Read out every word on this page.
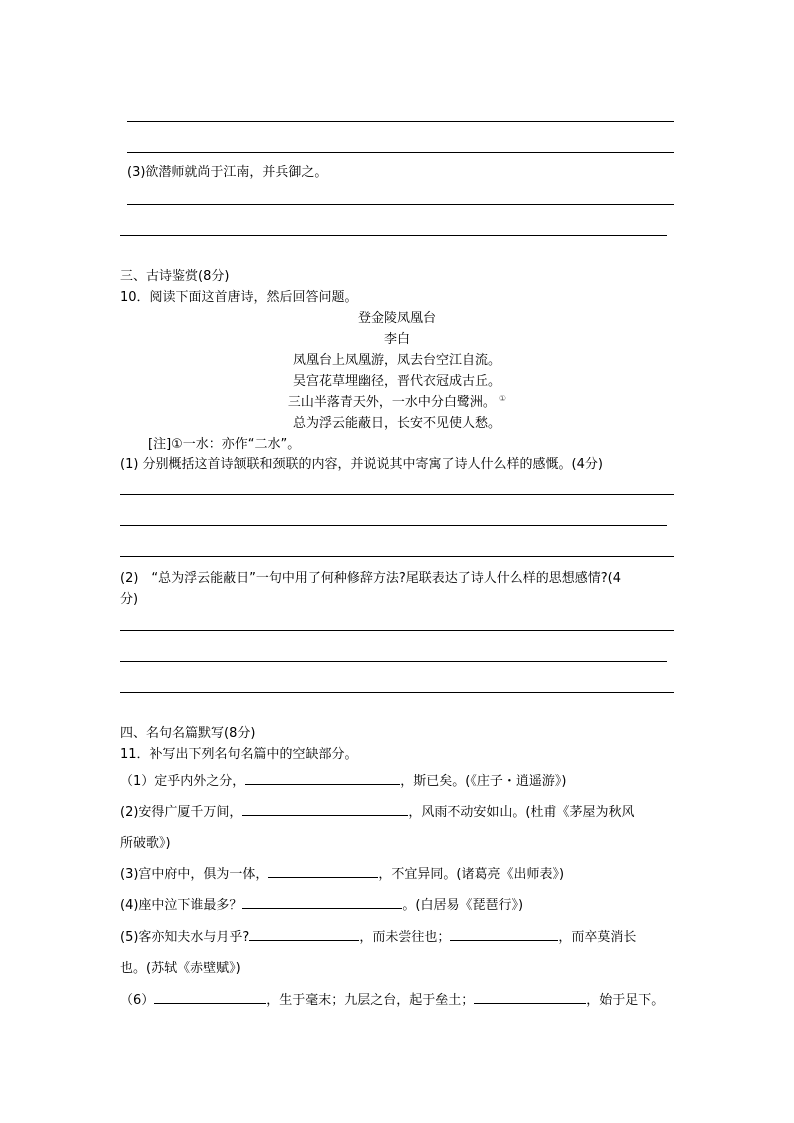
(3)欲潜师就尚于江南，并兵御之。
三、古诗鉴赏(8分)
10．阅读下面这首唐诗，然后回答问题。
登金陵凤凰台
李白
凤凰台上凤凰游，凤去台空江自流。
吴宫花草埋幽径，晋代衣冠成古丘。
三山半落青天外，一水中分白鹭洲。 ①
总为浮云能蔽日，长安不见使人愁。
[注]①一水：亦作“二水”。
(1) 分别概括这首诗颔联和颈联的内容，并说说其中寄寓了诗人什么样的感慨。(4分)
(2)　“总为浮云能蔽日”一句中用了何种修辞方法?尾联表达了诗人什么样的思想感情?(4
分)
四、名句名篇默写(8分)
11．补写出下列名句名篇中的空缺部分。
（1）定乎内外之分，	，斯已矣。(《庄子・逍遥游》)
(2)安得广厦千万间，	，风雨不动安如山。(杜甫《茅屋为秋风
所破歌》)
(3)宫中府中，俱为一体，	，不宜异同。(诸葛亮《出师表》)
(4)座中泣下谁最多？	。(白居易《琵琶行》)
(5)客亦知夫水与月乎?	，而未尝往也；	，而卒莫消长
也。(苏轼《赤壁赋》)
（6）	，生于毫末；九层之台，起于垒土；	，始于足下。
